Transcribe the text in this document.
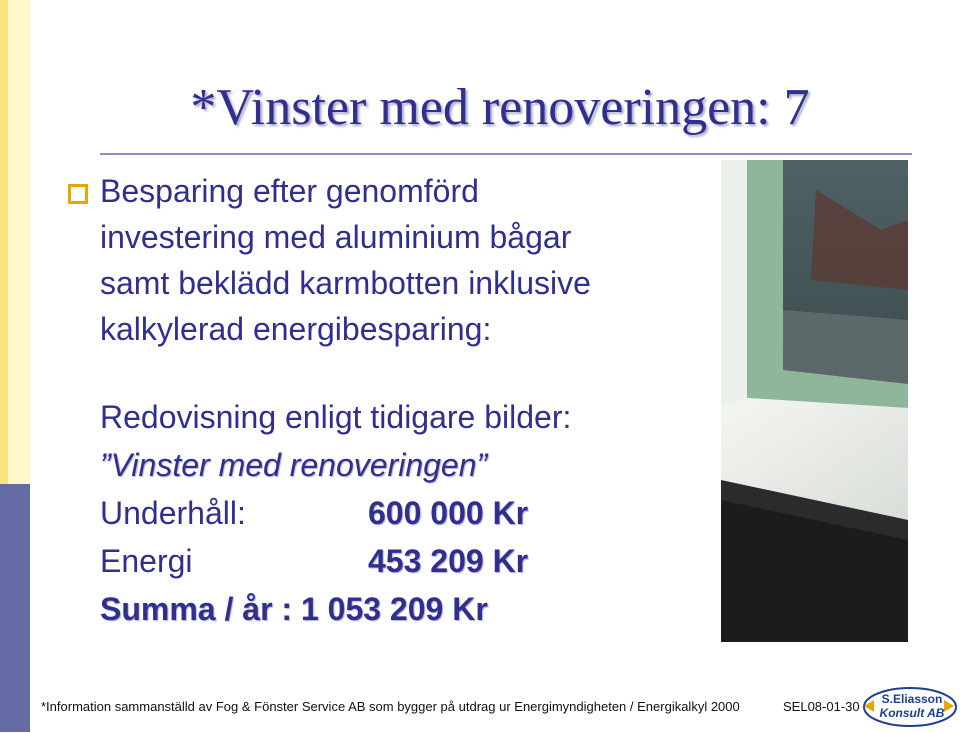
*Vinster med renoveringen: 7
Besparing efter genomförd
investering med aluminium bågar
samt beklädd karmbotten inklusive
kalkylerad energibesparing:
Redovisning enligt tidigare bilder:
”Vinster med renoveringen”
Underhåll:	600 000 Kr
Energi	453 209 Kr
Summa / år : 1 053 209 Kr
*Information sammanställd av Fog & Fönster Service AB som bygger på utdrag ur Energimyndigheten / Energikalkyl 2000	SEL08-01-30 S.Eliasson
Konsult AB
